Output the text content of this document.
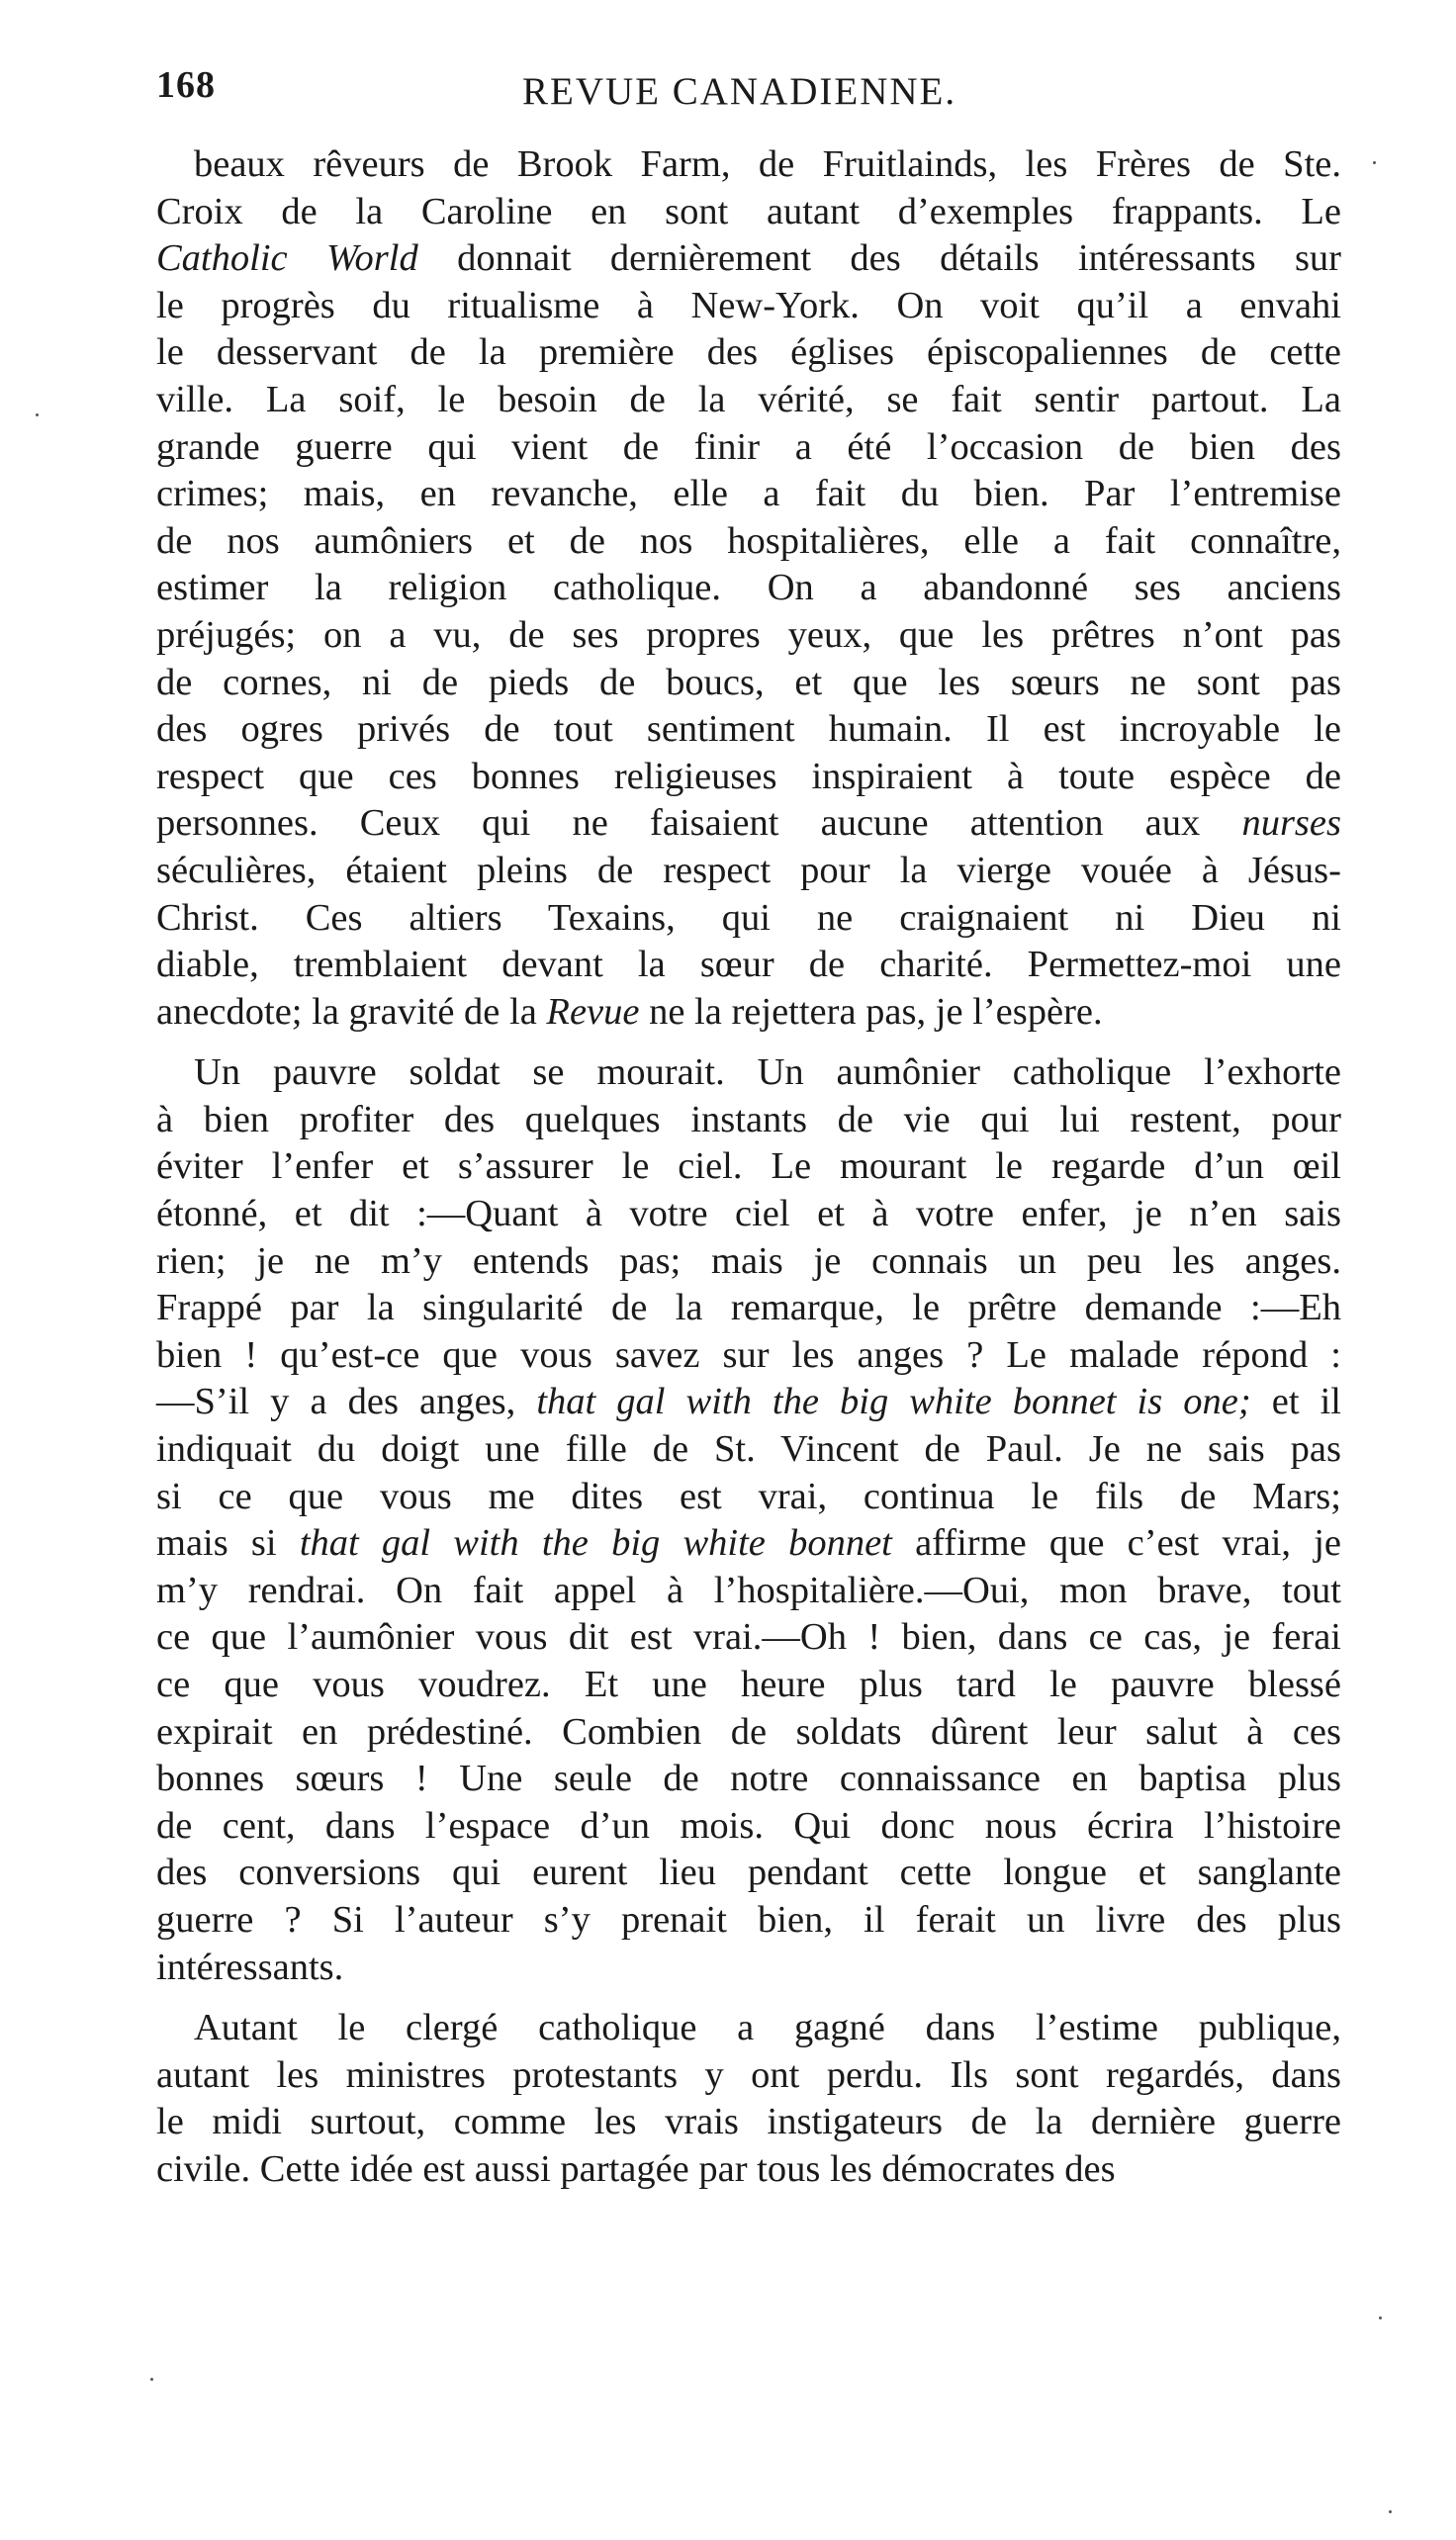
168	REVUE CANADIENNE.
beaux rêveurs de Brook Farm, de Fruitlainds, les Frères de Ste.
Croix de la Caroline en sont autant d’exemples frappants. Le
Catholic World donnait dernièrement des détails intéressants sur
le progrès du ritualisme à New-York. On voit qu’il a envahi
le desservant de la première des églises épiscopaliennes de cette
ville. La soif, le besoin de la vérité, se fait sentir partout. La
grande guerre qui vient de finir a été l’occasion de bien des
crimes; mais, en revanche, elle a fait du bien. Par l’entremise
de nos aumôniers et de nos hospitalières, elle a fait connaître,
estimer la religion catholique. On a abandonné ses anciens
préjugés; on a vu, de ses propres yeux, que les prêtres n’ont pas
de cornes, ni de pieds de boucs, et que les sœurs ne sont pas
des ogres privés de tout sentiment humain. Il est incroyable le
respect que ces bonnes religieuses inspiraient à toute espèce de
personnes. Ceux qui ne faisaient aucune attention aux nurses
séculières, étaient pleins de respect pour la vierge vouée à Jésus-
Christ. Ces altiers Texains, qui ne craignaient ni Dieu ni
diable, tremblaient devant la sœur de charité. Permettez-moi une
anecdote; la gravité de la Revue ne la rejettera pas, je l’espère.
Un pauvre soldat se mourait. Un aumônier catholique l’exhorte
à bien profiter des quelques instants de vie qui lui restent, pour
éviter l’enfer et s’assurer le ciel. Le mourant le regarde d’un œil
étonné, et dit :—Quant à votre ciel et à votre enfer, je n’en sais
rien; je ne m’y entends pas; mais je connais un peu les anges.
Frappé par la singularité de la remarque, le prêtre demande :—Eh
bien ! qu’est-ce que vous savez sur les anges ? Le malade répond :
—S’il y a des anges, that gal with the big white bonnet is one; et il
indiquait du doigt une fille de St. Vincent de Paul. Je ne sais pas
si ce que vous me dites est vrai, continua le fils de Mars;
mais si that gal with the big white bonnet affirme que c’est vrai, je
m’y rendrai. On fait appel à l’hospitalière.—Oui, mon brave, tout
ce que l’aumônier vous dit est vrai.—Oh ! bien, dans ce cas, je ferai
ce que vous voudrez. Et une heure plus tard le pauvre blessé
expirait en prédestiné. Combien de soldats dûrent leur salut à ces
bonnes sœurs ! Une seule de notre connaissance en baptisa plus
de cent, dans l’espace d’un mois. Qui donc nous écrira l’histoire
des conversions qui eurent lieu pendant cette longue et sanglante
guerre ? Si l’auteur s’y prenait bien, il ferait un livre des plus
intéressants.
Autant le clergé catholique a gagné dans l’estime publique,
autant les ministres protestants y ont perdu. Ils sont regardés, dans
le midi surtout, comme les vrais instigateurs de la dernière guerre
civile. Cette idée est aussi partagée par tous les démocrates des
